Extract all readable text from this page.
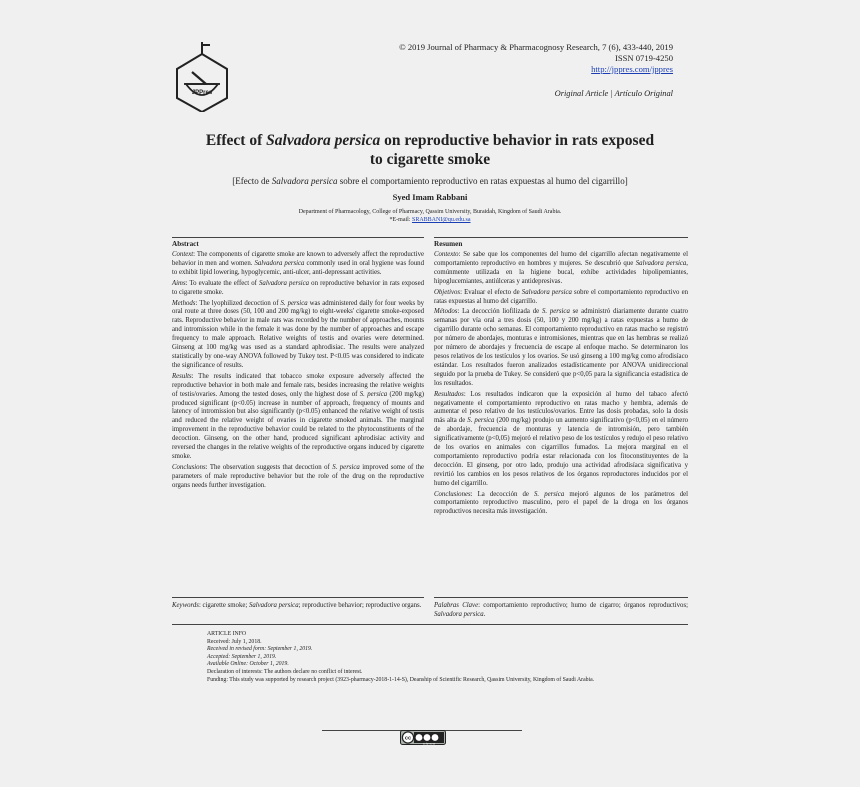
JPPres
© 2019 Journal of Pharmacy & Pharmacognosy Research, 7 (6), 433-440, 2019
ISSN 0719-4250
http://jppres.com/jppres
Original Article | Artículo Original
Effect of Salvadora persica on reproductive behavior in rats exposed
to cigarette smoke
[Efecto de Salvadora persica sobre el comportamiento reproductivo en ratas expuestas al humo del cigarrillo]
Syed Imam Rabbani
Department of Pharmacology, College of Pharmacy, Qassim University, Buraidah, Kingdom of Saudi Arabia.
*E-mail: SRABBANI@qu.edu.sa
Abstract	Resumen

Context: The components of cigarette smoke are known to adversely affect the reproductive behavior in men and women. Salvadora persica commonly used in oral hygiene was found to exhibit lipid lowering, hypoglycemic, anti-ulcer, anti-depressant activities.

Aims: To evaluate the effect of Salvadora persica on reproductive behavior in rats exposed to cigarette smoke.

Methods: The lyophilized decoction of S. persica was administered daily for four weeks by oral route at three doses (50, 100 and 200 mg/kg) to eight-weeks' cigarette smoke-exposed rats. Reproductive behavior in male rats was recorded by the number of approaches, mounts and intromission while in the female it was done by the number of approaches and escape frequency to male approach. Relative weights of testis and ovaries were determined. Ginseng at 100 mg/kg was used as a standard aphrodisiac. The results were analyzed statistically by one-way ANOVA followed by Tukey test. P<0.05 was considered to indicate the significance of results.

Results: The results indicated that tobacco smoke exposure adversely affected the reproductive behavior in both male and female rats, besides increasing the relative weights of testis/ovaries. Among the tested doses, only the highest dose of S. persica (200 mg/kg) produced significant (p<0.05) increase in number of approach, frequency of mounts and latency of intromission but also significantly (p<0.05) enhanced the relative weight of testis and reduced the relative weight of ovaries in cigarette smoked animals. The marginal improvement in the reproductive behavior could be related to the phytoconstituents of the decoction. Ginseng, on the other hand, produced significant aphrodisiac activity and reversed the changes in the relative weights of the reproductive organs induced by cigarette smoke.

Conclusions: The observation suggests that decoction of S. persica improved some of the parameters of male reproductive behavior but the role of the drug on the reproductive organs needs further investigation.

Contexto: Se sabe que los componentes del humo del cigarrillo afectan negativamente el comportamiento reproductivo en hombres y mujeres. Se descubrió que Salvadora persica, comúnmente utilizada en la higiene bucal, exhibe actividades hipolipemiantes, hipoglucemiantes, antiúlceras y antidepresivas.

Objetivos: Evaluar el efecto de Salvadora persica sobre el comportamiento reproductivo en ratas expuestas al humo del cigarrillo.

Métodos: La decocción liofilizada de S. persica se administró diariamente durante cuatro semanas por vía oral a tres dosis (50, 100 y 200 mg/kg) a ratas expuestas a humo de cigarrillo durante ocho semanas. El comportamiento reproductivo en ratas macho se registró por número de abordajes, monturas e intromisiones, mientras que en las hembras se realizó por número de abordajes y frecuencia de escape al enfoque macho. Se determinaron los pesos relativos de los testículos y los ovarios. Se usó ginseng a 100 mg/kg como afrodisíaco estándar. Los resultados fueron analizados estadísticamente por ANOVA unidireccional seguido por la prueba de Tukey. Se consideró que p<0,05 para la significancia estadística de los resultados.

Resultados: Los resultados indicaron que la exposición al humo del tabaco afectó negativamente el comportamiento reproductivo en ratas macho y hembra, además de aumentar el peso relativo de los testículos/ovarios. Entre las dosis probadas, solo la dosis más alta de S. persica (200 mg/kg) produjo un aumento significativo (p<0,05) en el número de abordaje, frecuencia de monturas y latencia de intromisión, pero también significativamente (p<0,05) mejoró el relativo peso de los testículos y redujo el peso relativo de los ovarios en animales con cigarrillos fumados. La mejora marginal en el comportamiento reproductivo podría estar relacionada con los fitoconstituyentes de la decocción. El ginseng, por otro lado, produjo una actividad afrodisíaca significativa y revirtió los cambios en los pesos relativos de los órganos reproductores inducidos por el humo del cigarrillo.

Conclusiones: La decocción de S. persica mejoró algunos de los parámetros del comportamiento reproductivo masculino, pero el papel de la droga en los órganos reproductivos necesita más investigación.

Keywords: cigarette smoke; Salvadora persica; reproductive behavior; reproductive organs.	Palabras Clave: comportamiento reproductivo; humo de cigarro; órganos reproductivos; Salvadora persica.
ARTICLE INFO
Received: July 1, 2018.
Received in revised form: September 1, 2019.
Accepted: September 1, 2019.
Available Online: October 1, 2019.
Declaration of interests: The authors declare no conflict of interest.
Funding: This study was supported by research project (3923-pharmacy-2018-1-14-S), Deanship of Scientific Research, Qassim University, Kingdom of Saudi Arabia.
cc
cc by nc sa
